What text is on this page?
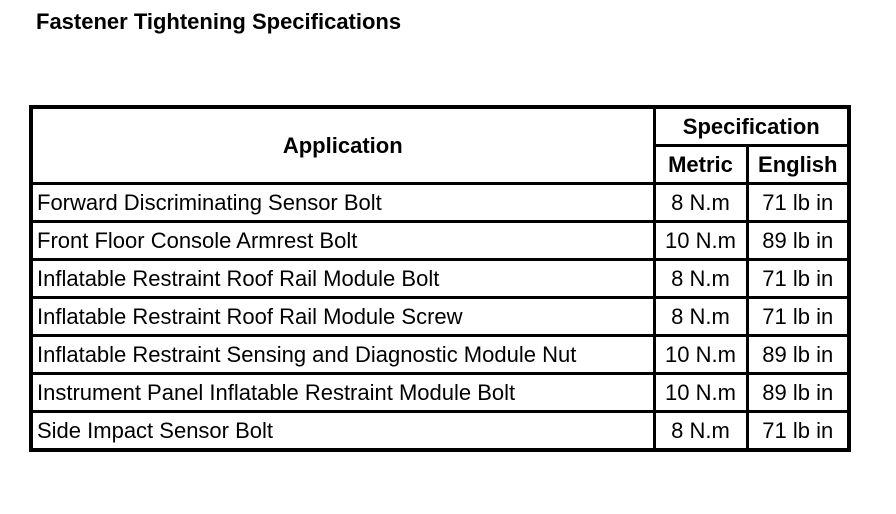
Fastener Tightening Specifications
Application	Specification	
	Metric	English
Forward Discriminating Sensor Bolt	8 N.m	71 lb in
Front Floor Console Armrest Bolt	10 N.m	89 lb in
Inflatable Restraint Roof Rail Module Bolt	8 N.m	71 lb in
Inflatable Restraint Roof Rail Module Screw	8 N.m	71 lb in
Inflatable Restraint Sensing and Diagnostic Module Nut	10 N.m	89 lb in
Instrument Panel Inflatable Restraint Module Bolt	10 N.m	89 lb in
Side Impact Sensor Bolt	8 N.m	71 lb in
